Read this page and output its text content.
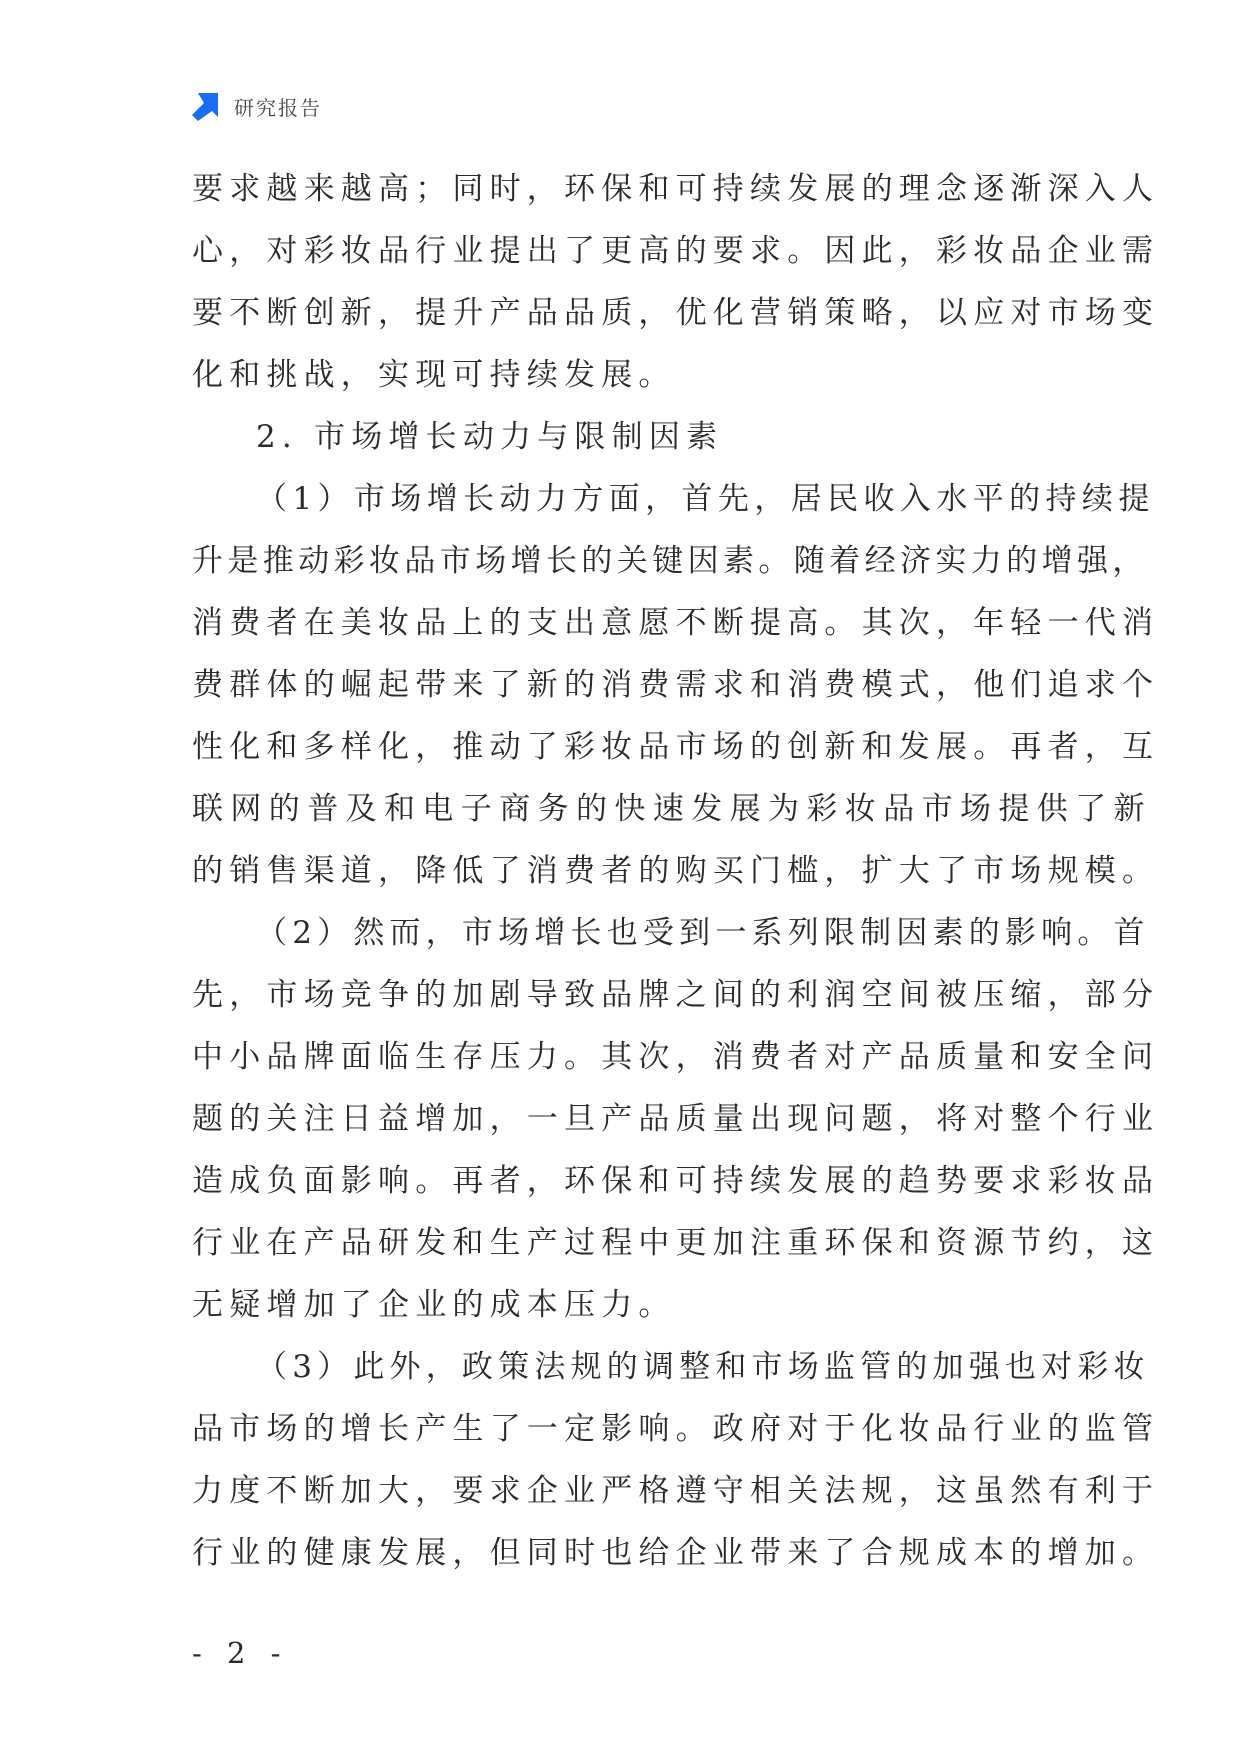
研究报告
要求越来越高；同时，环保和可持续发展的理念逐渐深入人
心，对彩妆品行业提出了更高的要求。因此，彩妆品企业需
要不断创新，提升产品品质，优化营销策略，以应对市场变
化和挑战，实现可持续发展。
2. 市场增长动力与限制因素
（1）市场增长动力方面，首先，居民收入水平的持续提
升是推动彩妆品市场增长的关键因素。随着经济实力的增强，
消费者在美妆品上的支出意愿不断提高。其次，年轻一代消
费群体的崛起带来了新的消费需求和消费模式，他们追求个
性化和多样化，推动了彩妆品市场的创新和发展。再者，互
联网的普及和电子商务的快速发展为彩妆品市场提供了新
的销售渠道，降低了消费者的购买门槛，扩大了市场规模。
（2）然而，市场增长也受到一系列限制因素的影响。首
先，市场竞争的加剧导致品牌之间的利润空间被压缩，部分
中小品牌面临生存压力。其次，消费者对产品质量和安全问
题的关注日益增加，一旦产品质量出现问题，将对整个行业
造成负面影响。再者，环保和可持续发展的趋势要求彩妆品
行业在产品研发和生产过程中更加注重环保和资源节约，这
无疑增加了企业的成本压力。
（3）此外，政策法规的调整和市场监管的加强也对彩妆
品市场的增长产生了一定影响。政府对于化妆品行业的监管
力度不断加大，要求企业严格遵守相关法规，这虽然有利于
行业的健康发展，但同时也给企业带来了合规成本的增加。
- 2 -
